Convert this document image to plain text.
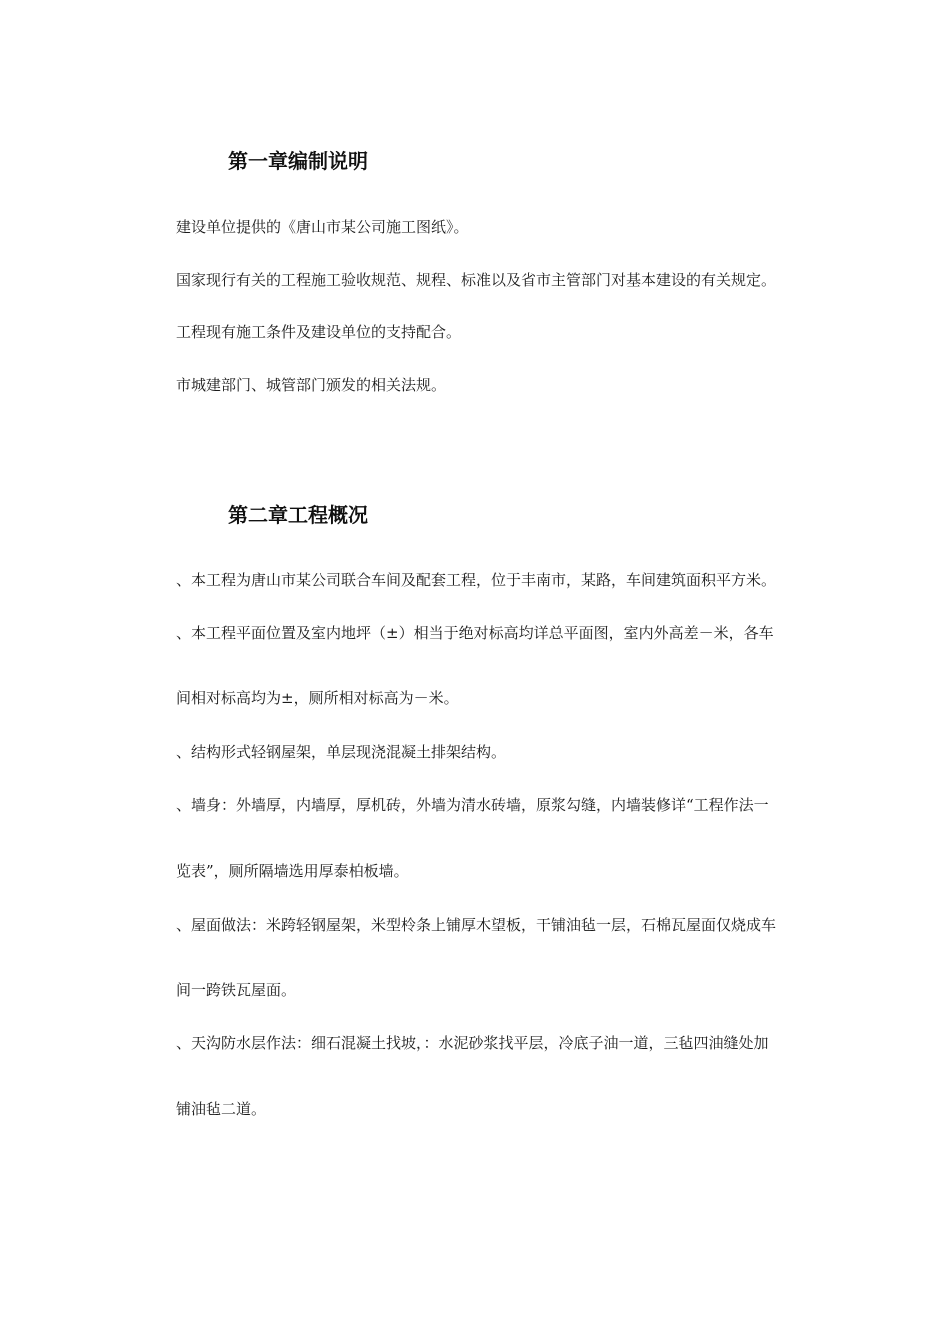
第一章编制说明

建设单位提供的《唐山市某公司施工图纸》。

国家现行有关的工程施工验收规范、规程、标准以及省市主管部门对基本建设的有关规定。

工程现有施工条件及建设单位的支持配合。

市城建部门、城管部门颁发的相关法规。

第二章工程概况

、本工程为唐山市某公司联合车间及配套工程，位于丰南市，某路，车间建筑面积平方米。

、本工程平面位置及室内地坪（±）相当于绝对标高均详总平面图，室内外高差－米，各车

间相对标高均为±，厕所相对标高为－米。

、结构形式轻钢屋架，单层现浇混凝土排架结构。

、墙身：外墙厚，内墙厚，厚机砖，外墙为清水砖墙，原浆勾缝，内墙装修详“工程作法一

览表”，厕所隔墙选用厚泰柏板墙。

、屋面做法：米跨轻钢屋架，米型柃条上铺厚木望板，干铺油毡一层，石棉瓦屋面仅烧成车

间一跨铁瓦屋面。

、天沟防水层作法：细石混凝土找坡，：水泥砂浆找平层，冷底子油一道，三毡四油缝处加

铺油毡二道。
